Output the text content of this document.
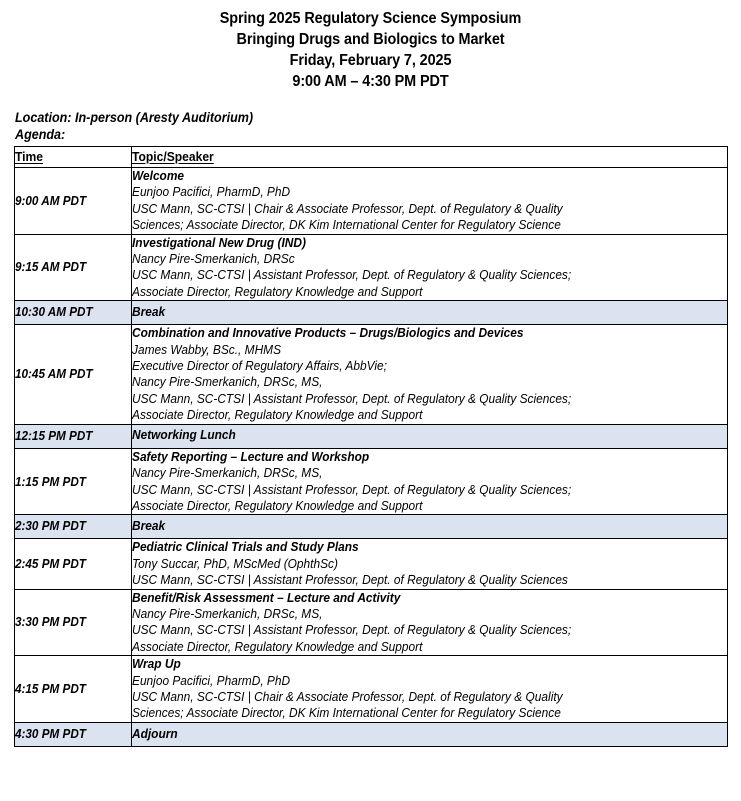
Spring 2025 Regulatory Science Symposium
Bringing Drugs and Biologics to Market
Friday, February 7, 2025
9:00 AM – 4:30 PM PDT
Location: In-person (Aresty Auditorium)
Agenda:
Time	Topic/Speaker
9:00 AM PDT	Welcome
Eunjoo Pacifici, PharmD, PhD
USC Mann, SC-CTSI | Chair & Associate Professor, Dept. of Regulatory & Quality
Sciences; Associate Director, DK Kim International Center for Regulatory Science

9:15 AM PDT	Investigational New Drug (IND)
Nancy Pire-Smerkanich, DRSc
USC Mann, SC-CTSI | Assistant Professor, Dept. of Regulatory & Quality Sciences;
Associate Director, Regulatory Knowledge and Support

10:30 AM PDT	Break

10:45 AM PDT	
Combination and Innovative Products – Drugs/Biologics and Devices
James Wabby, BSc., MHMS
Executive Director of Regulatory Affairs, AbbVie;
Nancy Pire-Smerkanich, DRSc, MS,
USC Mann, SC-CTSI | Assistant Professor, Dept. of Regulatory & Quality Sciences;
Associate Director, Regulatory Knowledge and Support

12:15 PM PDT	Networking Lunch

1:15 PM PDT	Safety Reporting – Lecture and Workshop
Nancy Pire-Smerkanich, DRSc, MS,
USC Mann, SC-CTSI | Assistant Professor, Dept. of Regulatory & Quality Sciences;
Associate Director, Regulatory Knowledge and Support

2:30 PM PDT	Break

2:45 PM PDT	Pediatric Clinical Trials and Study Plans
Tony Succar, PhD, MScMed (OphthSc)
USC Mann, SC-CTSI | Assistant Professor, Dept. of Regulatory & Quality Sciences

3:30 PM PDT	Benefit/Risk Assessment – Lecture and Activity
Nancy Pire-Smerkanich, DRSc, MS,
USC Mann, SC-CTSI | Assistant Professor, Dept. of Regulatory & Quality Sciences;
Associate Director, Regulatory Knowledge and Support

4:15 PM PDT	Wrap Up
Eunjoo Pacifici, PharmD, PhD
USC Mann, SC-CTSI | Chair & Associate Professor, Dept. of Regulatory & Quality
Sciences; Associate Director, DK Kim International Center for Regulatory Science

4:30 PM PDT	Adjourn
